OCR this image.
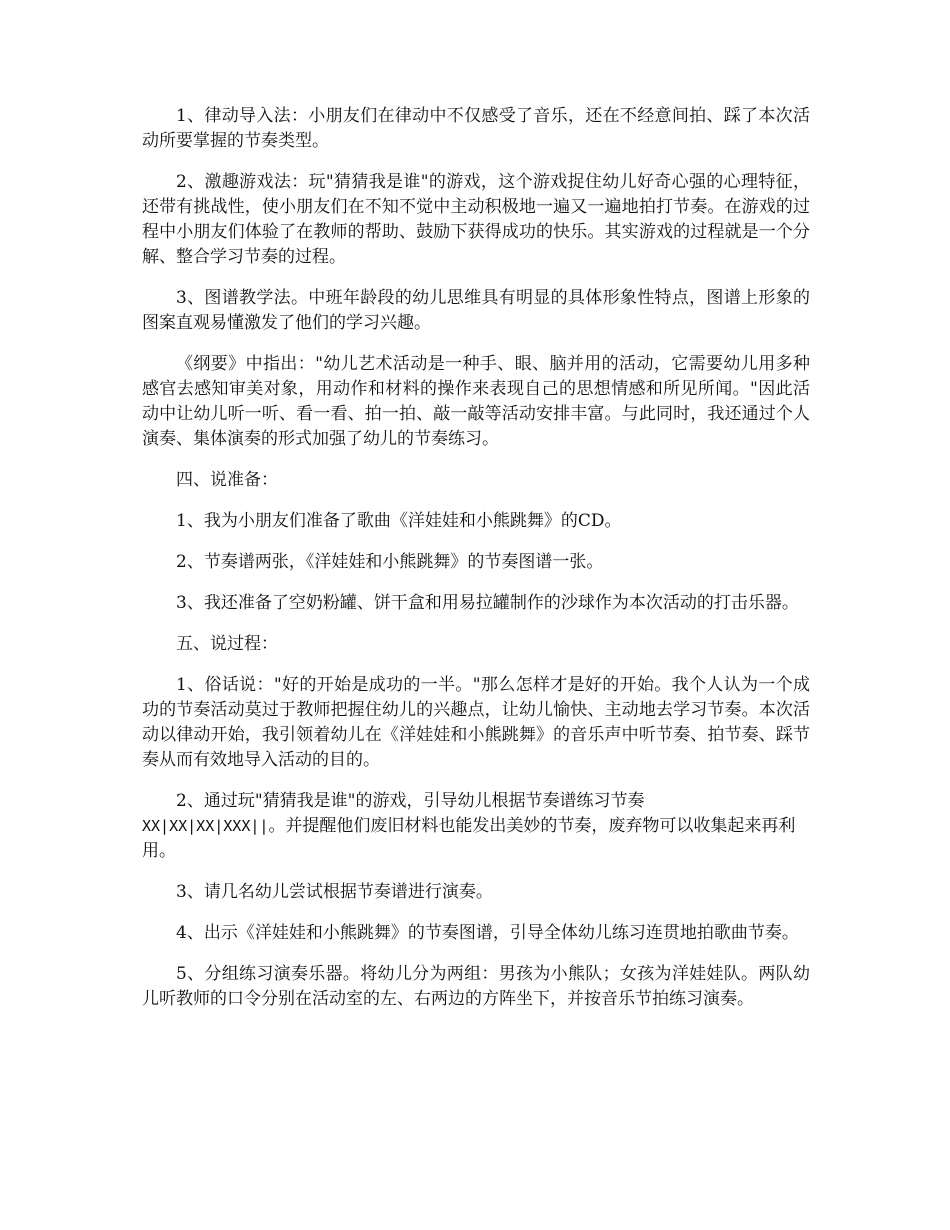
1、律动导入法：小朋友们在律动中不仅感受了音乐，还在不经意间拍、踩了本次活动所要掌握的节奏类型。

2、激趣游戏法：玩"猜猜我是谁"的游戏，这个游戏捉住幼儿好奇心强的心理特征，还带有挑战性，使小朋友们在不知不觉中主动积极地一遍又一遍地拍打节奏。在游戏的过程中小朋友们体验了在教师的帮助、鼓励下获得成功的快乐。其实游戏的过程就是一个分解、整合学习节奏的过程。

3、图谱教学法。中班年龄段的幼儿思维具有明显的具体形象性特点，图谱上形象的图案直观易懂激发了他们的学习兴趣。

《纲要》中指出："幼儿艺术活动是一种手、眼、脑并用的活动，它需要幼儿用多种感官去感知审美对象，用动作和材料的操作来表现自己的思想情感和所见所闻。"因此活动中让幼儿听一听、看一看、拍一拍、敲一敲等活动安排丰富。与此同时，我还通过个人演奏、集体演奏的形式加强了幼儿的节奏练习。

四、说准备：

1、我为小朋友们准备了歌曲《洋娃娃和小熊跳舞》的CD。

2、节奏谱两张，《洋娃娃和小熊跳舞》的节奏图谱一张。

3、我还准备了空奶粉罐、饼干盒和用易拉罐制作的沙球作为本次活动的打击乐器。

五、说过程：

1、俗话说："好的开始是成功的一半。"那么怎样才是好的开始。我个人认为一个成功的节奏活动莫过于教师把握住幼儿的兴趣点，让幼儿愉快、主动地去学习节奏。本次活动以律动开始，我引领着幼儿在《洋娃娃和小熊跳舞》的音乐声中听节奏、拍节奏、踩节奏从而有效地导入活动的目的。

2、通过玩"猜猜我是谁"的游戏，引导幼儿根据节奏谱练习节奏

XX|XX|XX|XXX||。并提醒他们废旧材料也能发出美妙的节奏，废弃物可以收集起来再利用。

3、请几名幼儿尝试根据节奏谱进行演奏。

4、出示《洋娃娃和小熊跳舞》的节奏图谱，引导全体幼儿练习连贯地拍歌曲节奏。

5、分组练习演奏乐器。将幼儿分为两组：男孩为小熊队；女孩为洋娃娃队。两队幼儿听教师的口令分别在活动室的左、右两边的方阵坐下，并按音乐节拍练习演奏。
